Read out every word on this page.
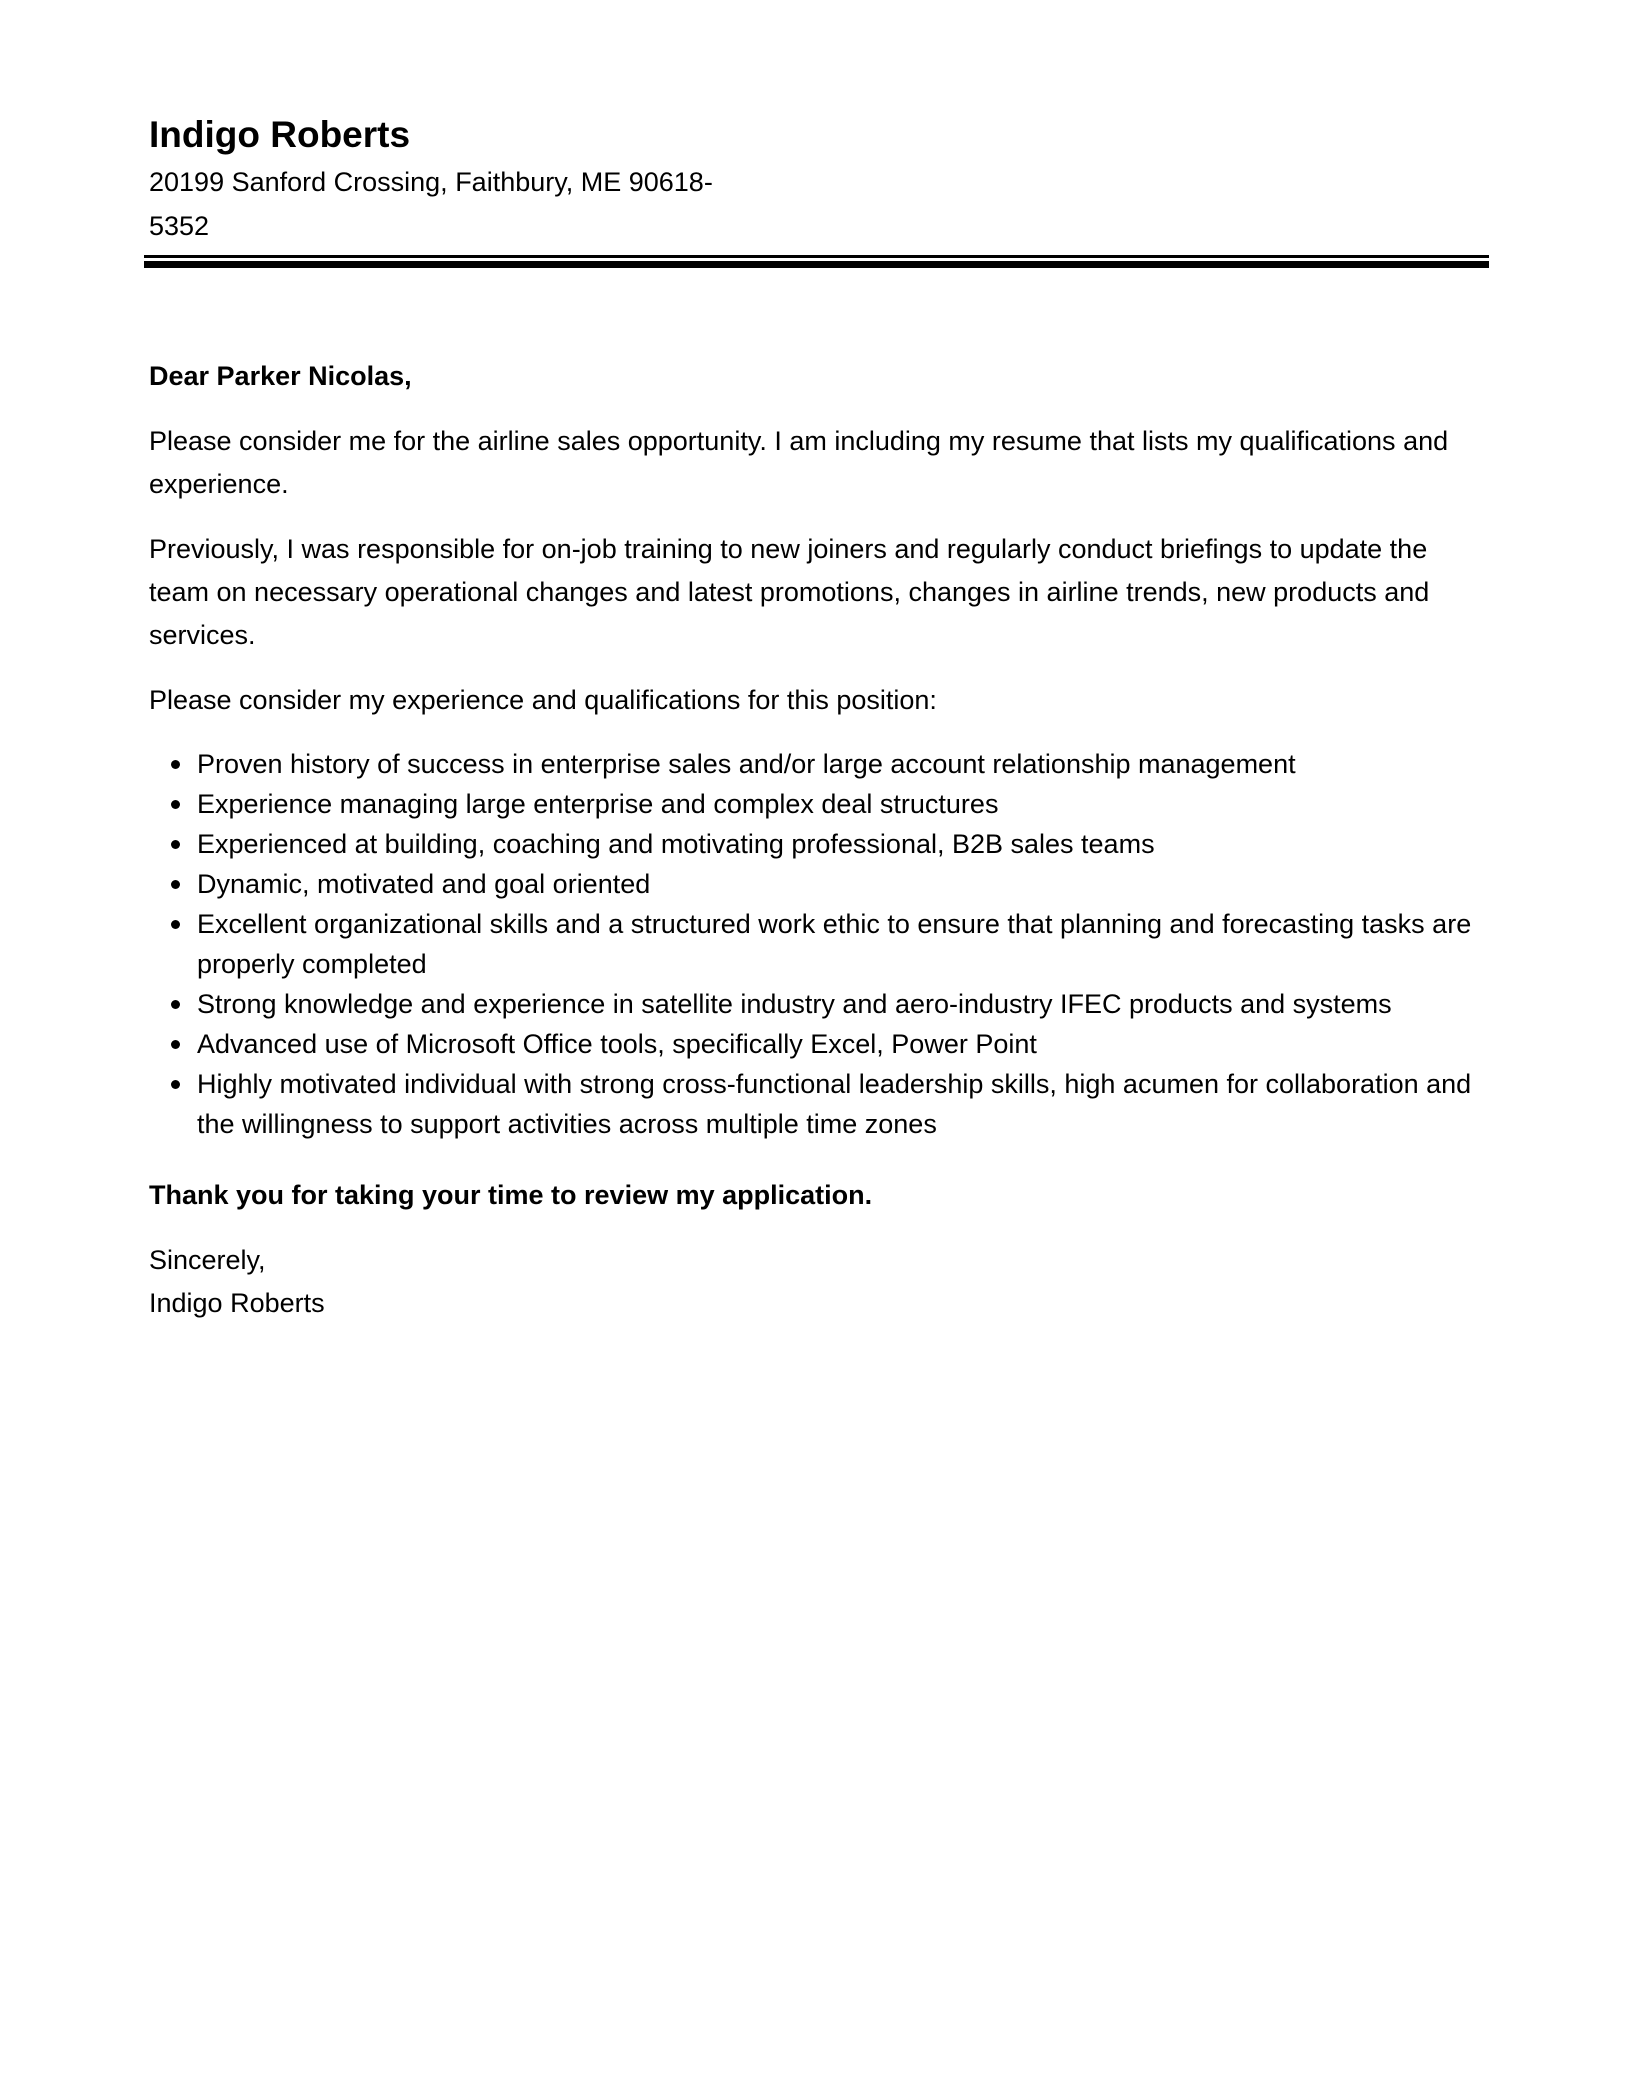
Indigo Roberts
20199 Sanford Crossing, Faithbury, ME 90618-5352

Dear Parker Nicolas,

Please consider me for the airline sales opportunity. I am including my resume that lists my qualifications and experience.

Previously, I was responsible for on-job training to new joiners and regularly conduct briefings to update the team on necessary operational changes and latest promotions, changes in airline trends, new products and services.

Please consider my experience and qualifications for this position:

Proven history of success in enterprise sales and/or large account relationship management
Experience managing large enterprise and complex deal structures
Experienced at building, coaching and motivating professional, B2B sales teams
Dynamic, motivated and goal oriented
Excellent organizational skills and a structured work ethic to ensure that planning and forecasting tasks are properly completed
Strong knowledge and experience in satellite industry and aero-industry IFEC products and systems
Advanced use of Microsoft Office tools, specifically Excel, Power Point
Highly motivated individual with strong cross-functional leadership skills, high acumen for collaboration and the willingness to support activities across multiple time zones

Thank you for taking your time to review my application.

Sincerely,

Indigo Roberts
